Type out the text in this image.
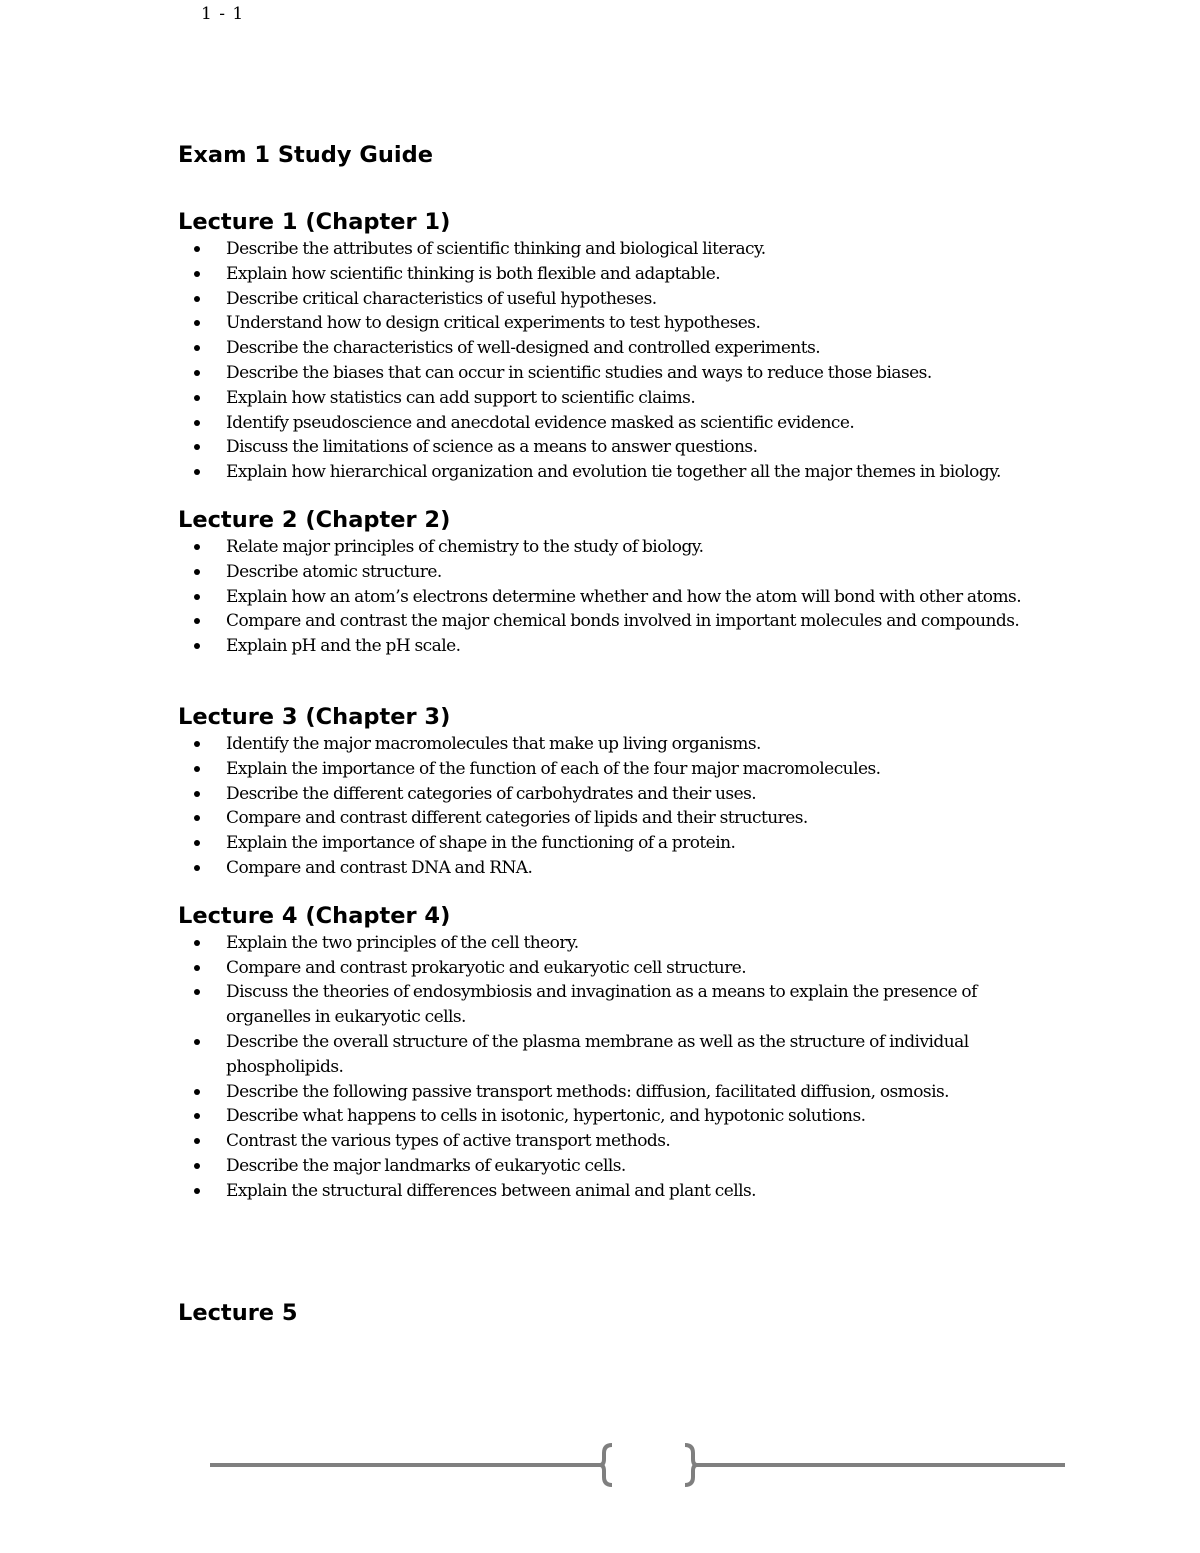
1 - 1
Exam 1 Study Guide
Lecture 1 (Chapter 1)
Describe the attributes of scientific thinking and biological literacy.
Explain how scientific thinking is both flexible and adaptable.
Describe critical characteristics of useful hypotheses.
Understand how to design critical experiments to test hypotheses.
Describe the characteristics of well-designed and controlled experiments.
Describe the biases that can occur in scientific studies and ways to reduce those biases.
Explain how statistics can add support to scientific claims.
Identify pseudoscience and anecdotal evidence masked as scientific evidence.
Discuss the limitations of science as a means to answer questions.
Explain how hierarchical organization and evolution tie together all the major themes in biology.
Lecture 2 (Chapter 2)
Relate major principles of chemistry to the study of biology.
Describe atomic structure.
Explain how an atom’s electrons determine whether and how the atom will bond with other atoms.
Compare and contrast the major chemical bonds involved in important molecules and compounds.
Explain pH and the pH scale.
Lecture 3 (Chapter 3)
Identify the major macromolecules that make up living organisms.
Explain the importance of the function of each of the four major macromolecules.
Describe the different categories of carbohydrates and their uses.
Compare and contrast different categories of lipids and their structures.
Explain the importance of shape in the functioning of a protein.
Compare and contrast DNA and RNA.
Lecture 4 (Chapter 4)
Explain the two principles of the cell theory.
Compare and contrast prokaryotic and eukaryotic cell structure.
Discuss the theories of endosymbiosis and invagination as a means to explain the presence of organelles in eukaryotic cells.
Describe the overall structure of the plasma membrane as well as the structure of individual phospholipids.
Describe the following passive transport methods: diffusion, facilitated diffusion, osmosis.
Describe what happens to cells in isotonic, hypertonic, and hypotonic solutions.
Contrast the various types of active transport methods.
Describe the major landmarks of eukaryotic cells.
Explain the structural differences between animal and plant cells.
Lecture 5
